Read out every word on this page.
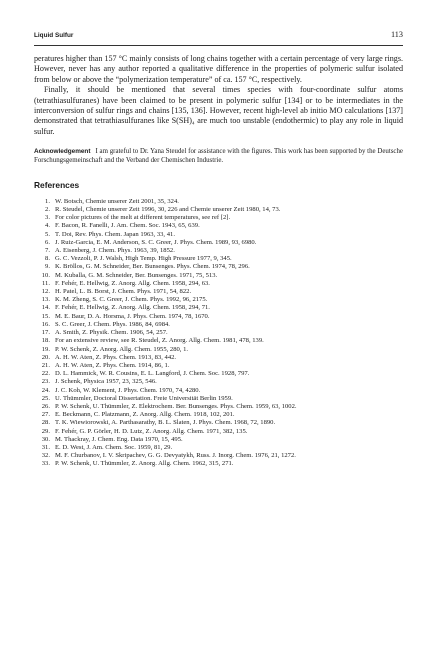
Liquid Sulfur	113

peratures higher than 157 °C mainly consists of long chains together with a certain percentage of very large rings. However, never has any author reported a qualitative difference in the properties of polymeric sulfur isolated from below or above the “polymerization temperature” of ca. 157 °C, respectively.

Finally, it should be mentioned that several times species with four-coordinate sulfur atoms (tetrathiasulfuranes) have been claimed to be present in polymeric sulfur [134] or to be intermediates in the interconversion of sulfur rings and chains [135, 136]. However, recent high-level ab initio MO calculations [137] demonstrated that tetrathiasulfuranes like S(SH)₄ are much too unstable (endothermic) to play any role in liquid sulfur.

Acknowledgement I am grateful to Dr. Yana Steudel for assistance with the figures. This work has been supported by the Deutsche Forschungsgemeinschaft and the Verband der Chemischen Industrie.

References
1. W. Botsch, Chemie unserer Zeit 2001, 35, 324.
2. R. Steudel, Chemie unserer Zeit 1996, 30, 226 and Chemie unserer Zeit 1980, 14, 73.
3. For color pictures of the melt at different temperatures, see ref [2].
4. F. Bacon, R. Fanelli, J. Am. Chem. Soc. 1943, 65, 639.
5. T. Doi, Rev. Phys. Chem. Japan 1963, 33, 41.
6. J. Ruiz-Garcia, E. M. Anderson, S. C. Greer, J. Phys. Chem. 1989, 93, 6980.
7. A. Eisenberg, J. Chem. Phys. 1963, 39, 1852.
8. G. C. Vezzoli, P. J. Walsh, High Temp. High Pressure 1977, 9, 345.
9. K. Bröllos, G. M. Schneider, Ber. Bunsenges. Phys. Chem. 1974, 78, 296.
10. M. Kuballa, G. M. Schneider, Ber. Bunsenges. 1971, 75, 513.
11. F. Fehér, E. Hellwig, Z. Anorg. Allg. Chem. 1958, 294, 63.
12. H. Patel, L. B. Borst, J. Chem. Phys. 1971, 54, 822.
13. K. M. Zheng, S. C. Greer, J. Chem. Phys. 1992, 96, 2175.
14. F. Fehér, E. Hellwig, Z. Anorg. Allg. Chem. 1958, 294, 71.
15. M. E. Baur, D. A. Horsma, J. Phys. Chem. 1974, 78, 1670.
16. S. C. Greer, J. Chem. Phys. 1986, 84, 6984.
17. A. Smith, Z. Physik. Chem. 1906, 54, 257.
18. For an extensive review, see R. Steudel, Z. Anorg. Allg. Chem. 1981, 478, 139.
19. P. W. Schenk, Z. Anorg. Allg. Chem. 1955, 280, 1.
20. A. H. W. Aten, Z. Phys. Chem. 1913, 83, 442.
21. A. H. W. Aten, Z. Phys. Chem. 1914, 86, 1.
22. D. L. Hammick, W. R. Cousins, E. L. Langford, J. Chem. Soc. 1928, 797.
23. J. Schenk, Physica 1957, 23, 325, 546.
24. J. C. Koh, W. Klement, J. Phys. Chem. 1970, 74, 4280.
25. U. Thümmler, Doctoral Dissertation. Freie Universität Berlin 1959.
26. P. W. Schenk, U. Thümmler, Z. Elektrochem. Ber. Bunsenges. Phys. Chem. 1959, 63, 1002.
27. E. Beckmann, C. Platzmann, Z. Anorg. Allg. Chem. 1918, 102, 201.
28. T. K. Wiewiorowski, A. Parthasarathy, B. L. Slaten, J. Phys. Chem. 1968, 72, 1890.
29. F. Fehér, G. P. Görler, H. D. Lutz, Z. Anorg. Allg. Chem. 1971, 382, 135.
30. M. Thackray, J. Chem. Eng. Data 1970, 15, 495.
31. E. D. West, J. Am. Chem. Soc. 1959, 81, 29.
32. M. F. Churbanov, I. V. Skripachev, G. G. Devyatykh, Russ. J. Inorg. Chem. 1976, 21, 1272.
33. P. W. Schenk, U. Thümmler, Z. Anorg. Allg. Chem. 1962, 315, 271.
